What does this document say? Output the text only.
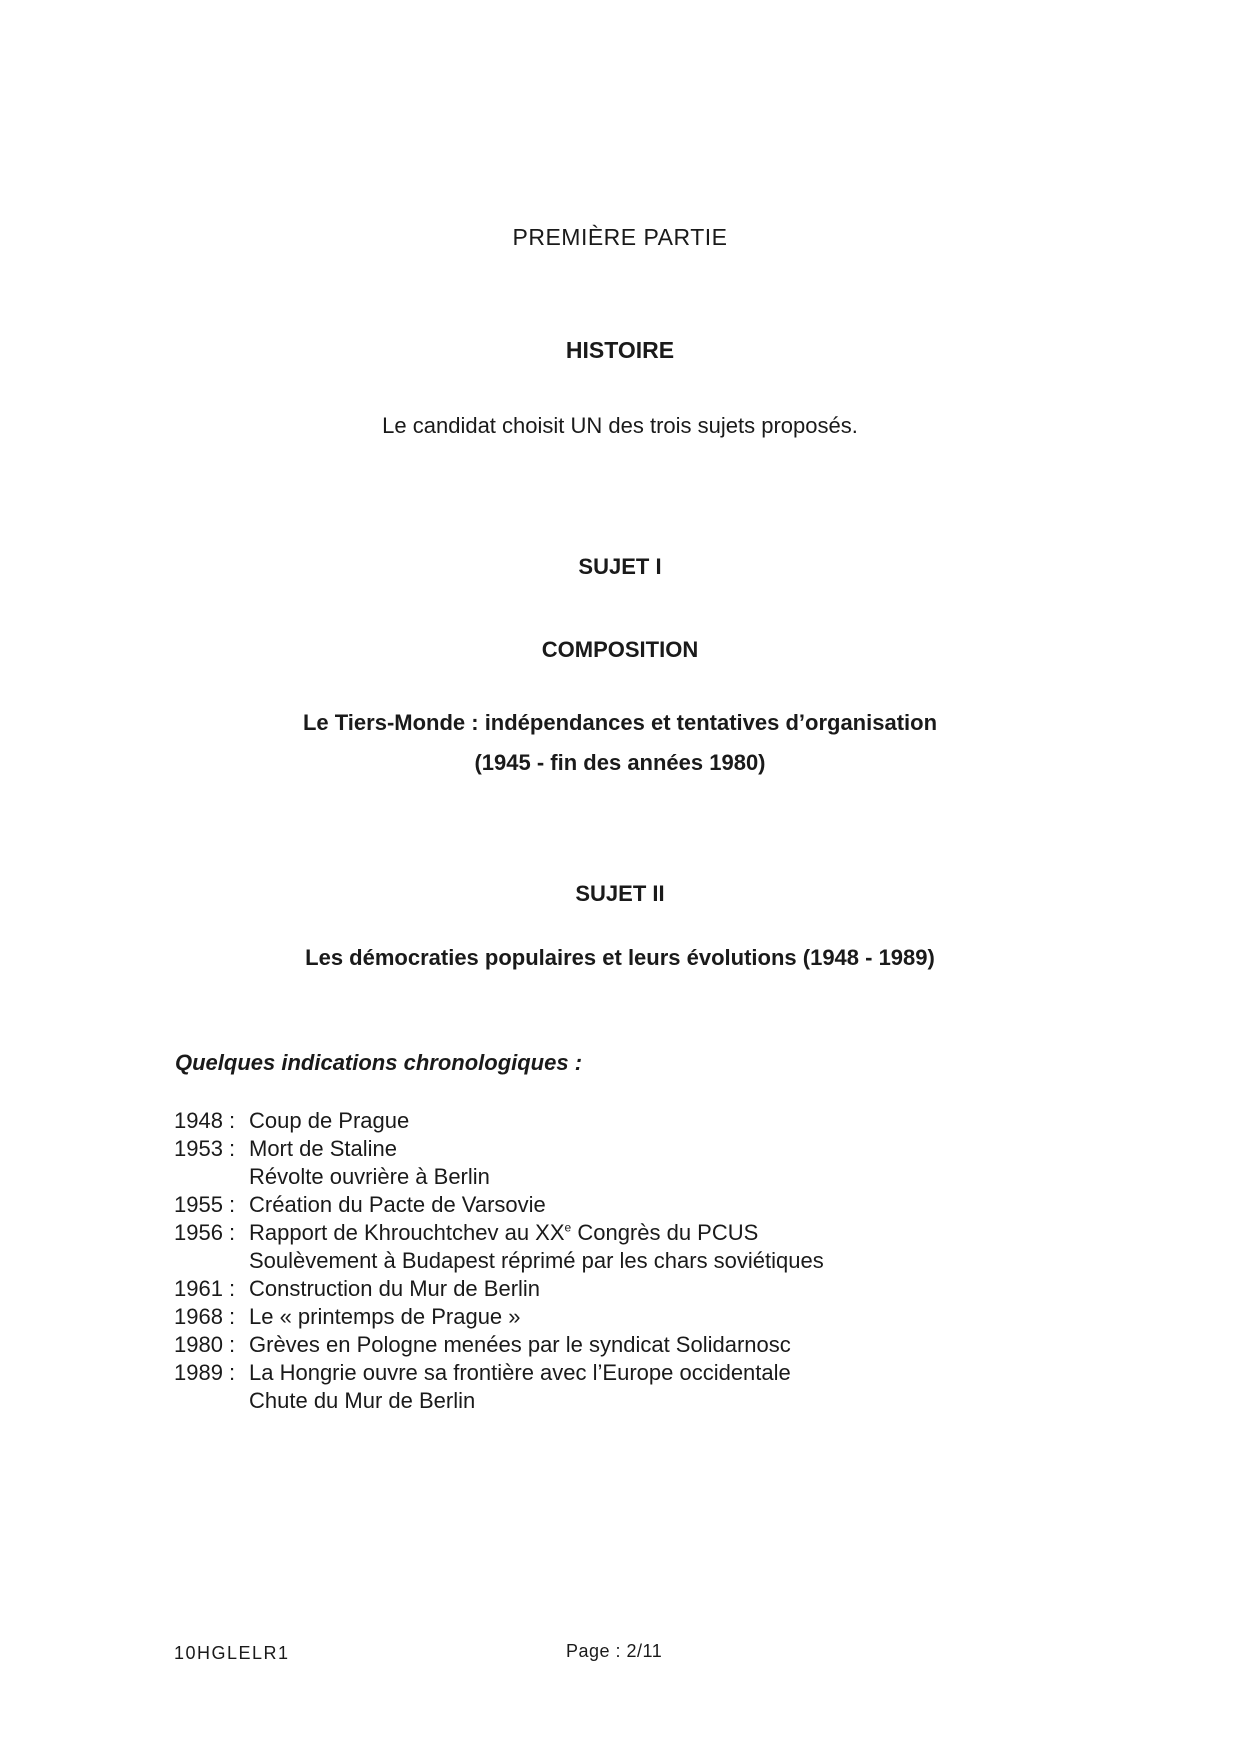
PREMIÈRE PARTIE
HISTOIRE
Le candidat choisit UN des trois sujets proposés.
SUJET I
COMPOSITION
Le Tiers-Monde : indépendances et tentatives d’organisation
(1945 - fin des années 1980)
SUJET II
Les démocraties populaires et leurs évolutions (1948 - 1989)
Quelques indications chronologiques :
1948 : Coup de Prague
1953 : Mort de Staline
Révolte ouvrière à Berlin
1955 : Création du Pacte de Varsovie
1956 : Rapport de Khrouchtchev au XXe Congrès du PCUS
Soulèvement à Budapest réprimé par les chars soviétiques
1961 : Construction du Mur de Berlin
1968 : Le « printemps de Prague »
1980 : Grèves en Pologne menées par le syndicat Solidarnosc
1989 : La Hongrie ouvre sa frontière avec l’Europe occidentale
Chute du Mur de Berlin
10HGLELR1	Page : 2/11
